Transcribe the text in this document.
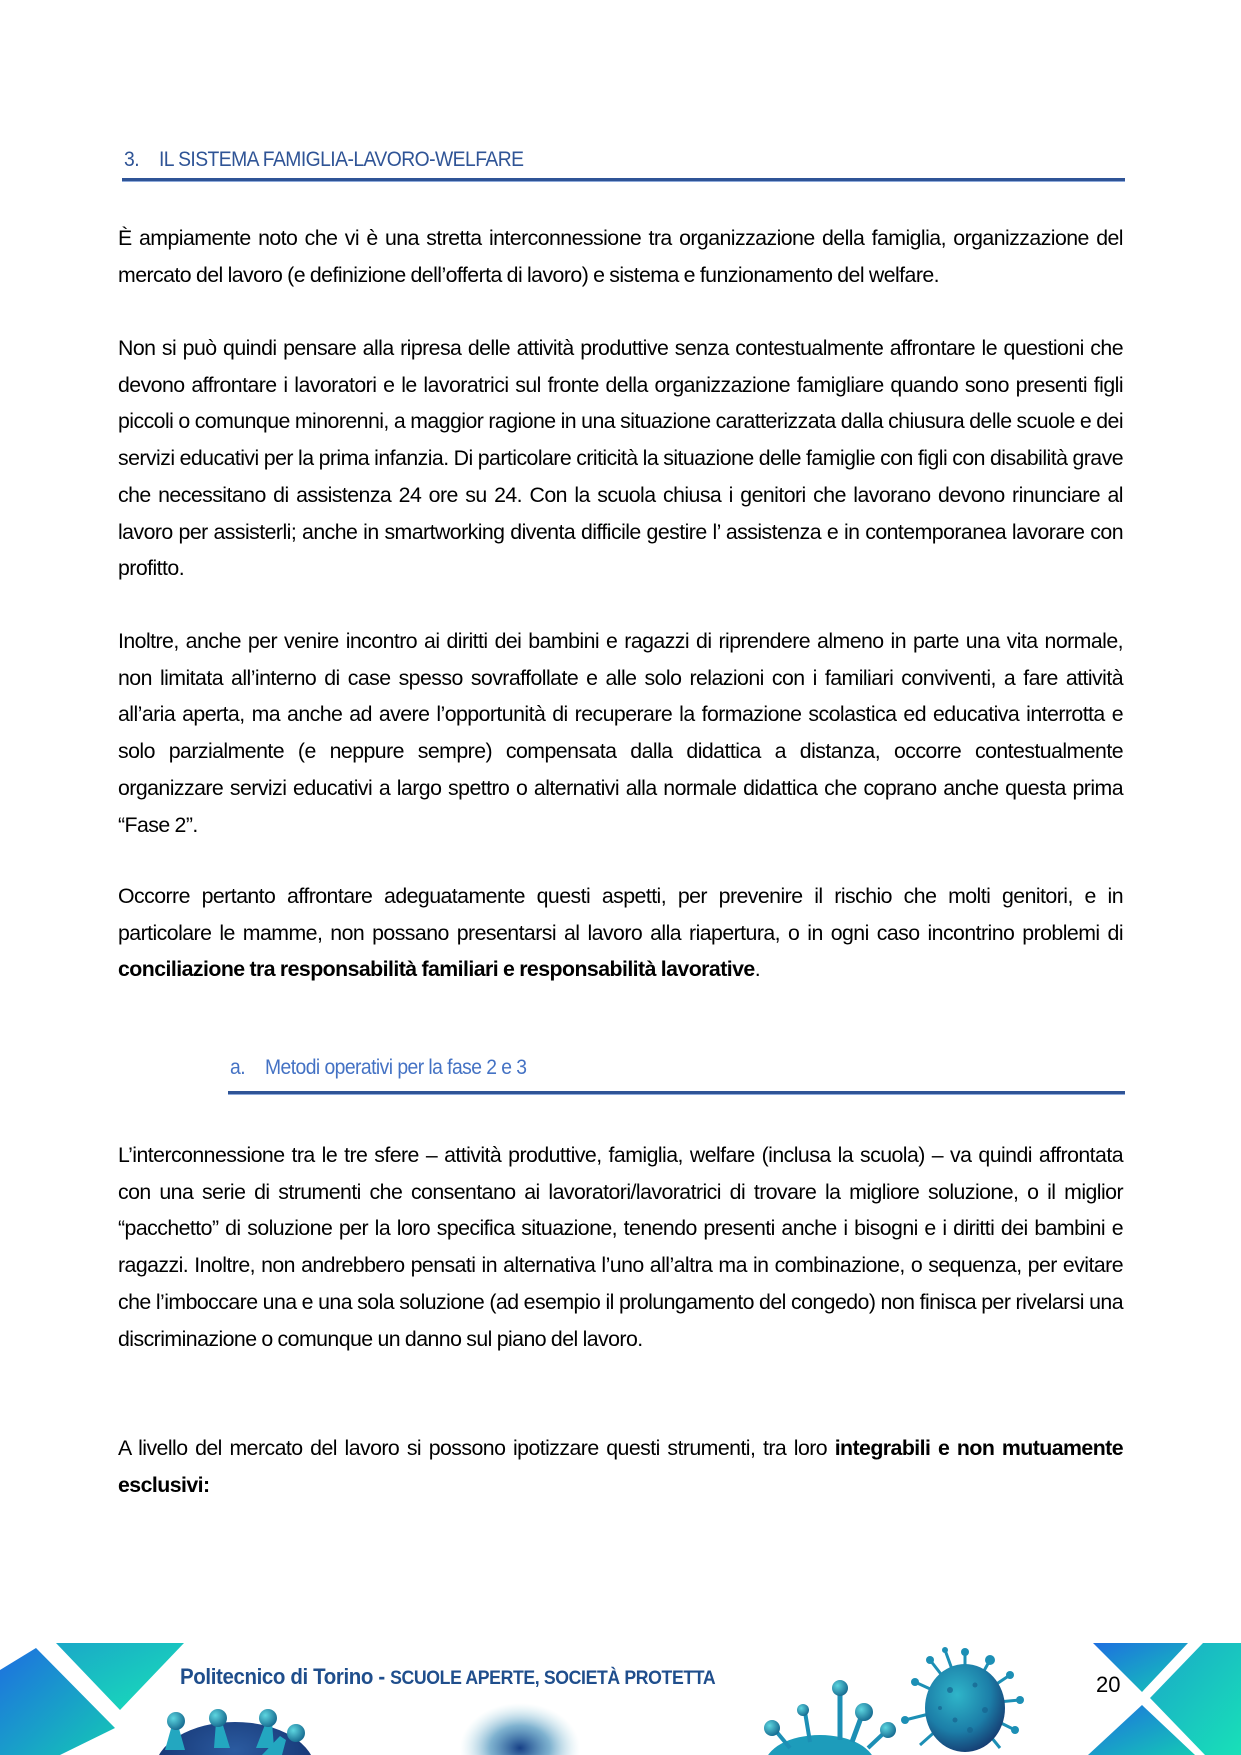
3. IL SISTEMA FAMIGLIA-LAVORO-WELFARE

È ampiamente noto che vi è una stretta interconnessione tra organizzazione della famiglia, organizzazione del mercato del lavoro (e definizione dell’offerta di lavoro) e sistema e funzionamento del welfare.

Non si può quindi pensare alla ripresa delle attività produttive senza contestualmente affrontare le questioni che devono affrontare i lavoratori e le lavoratrici sul fronte della organizzazione famigliare quando sono presenti figli piccoli o comunque minorenni, a maggior ragione in una situazione caratterizzata dalla chiusura delle scuole e dei servizi educativi per la prima infanzia. Di particolare criticità la situazione delle famiglie con figli con disabilità grave che necessitano di assistenza 24 ore su 24. Con la scuola chiusa i genitori che lavorano devono rinunciare al lavoro per assisterli; anche in smartworking diventa difficile gestire l’ assistenza e in contemporanea lavorare con profitto.

Inoltre, anche per venire incontro ai diritti dei bambini e ragazzi di riprendere almeno in parte una vita normale, non limitata all’interno di case spesso sovraffollate e alle solo relazioni con i familiari conviventi, a fare attività all’aria aperta, ma anche ad avere l’opportunità di recuperare la formazione scolastica ed educativa interrotta e solo parzialmente (e neppure sempre) compensata dalla didattica a distanza, occorre contestualmente organizzare servizi educativi a largo spettro o alternativi alla normale didattica che coprano anche questa prima “Fase 2”.

Occorre pertanto affrontare adeguatamente questi aspetti, per prevenire il rischio che molti genitori, e in particolare le mamme, non possano presentarsi al lavoro alla riapertura, o in ogni caso incontrino problemi di conciliazione tra responsabilità familiari e responsabilità lavorative.

a. Metodi operativi per la fase 2 e 3

L’interconnessione tra le tre sfere – attività produttive, famiglia, welfare (inclusa la scuola) – va quindi affrontata con una serie di strumenti che consentano ai lavoratori/lavoratrici di trovare la migliore soluzione, o il miglior “pacchetto” di soluzione per la loro specifica situazione, tenendo presenti anche i bisogni e i diritti dei bambini e ragazzi. Inoltre, non andrebbero pensati in alternativa l’uno all’altra ma in combinazione, o sequenza, per evitare che l’imboccare una e una sola soluzione (ad esempio il prolungamento del congedo) non finisca per rivelarsi una discriminazione o comunque un danno sul piano del lavoro.

A livello del mercato del lavoro si possono ipotizzare questi strumenti, tra loro integrabili e non mutuamente esclusivi:

Politecnico di Torino - SCUOLE APERTE, SOCIETÀ PROTETTA	20
